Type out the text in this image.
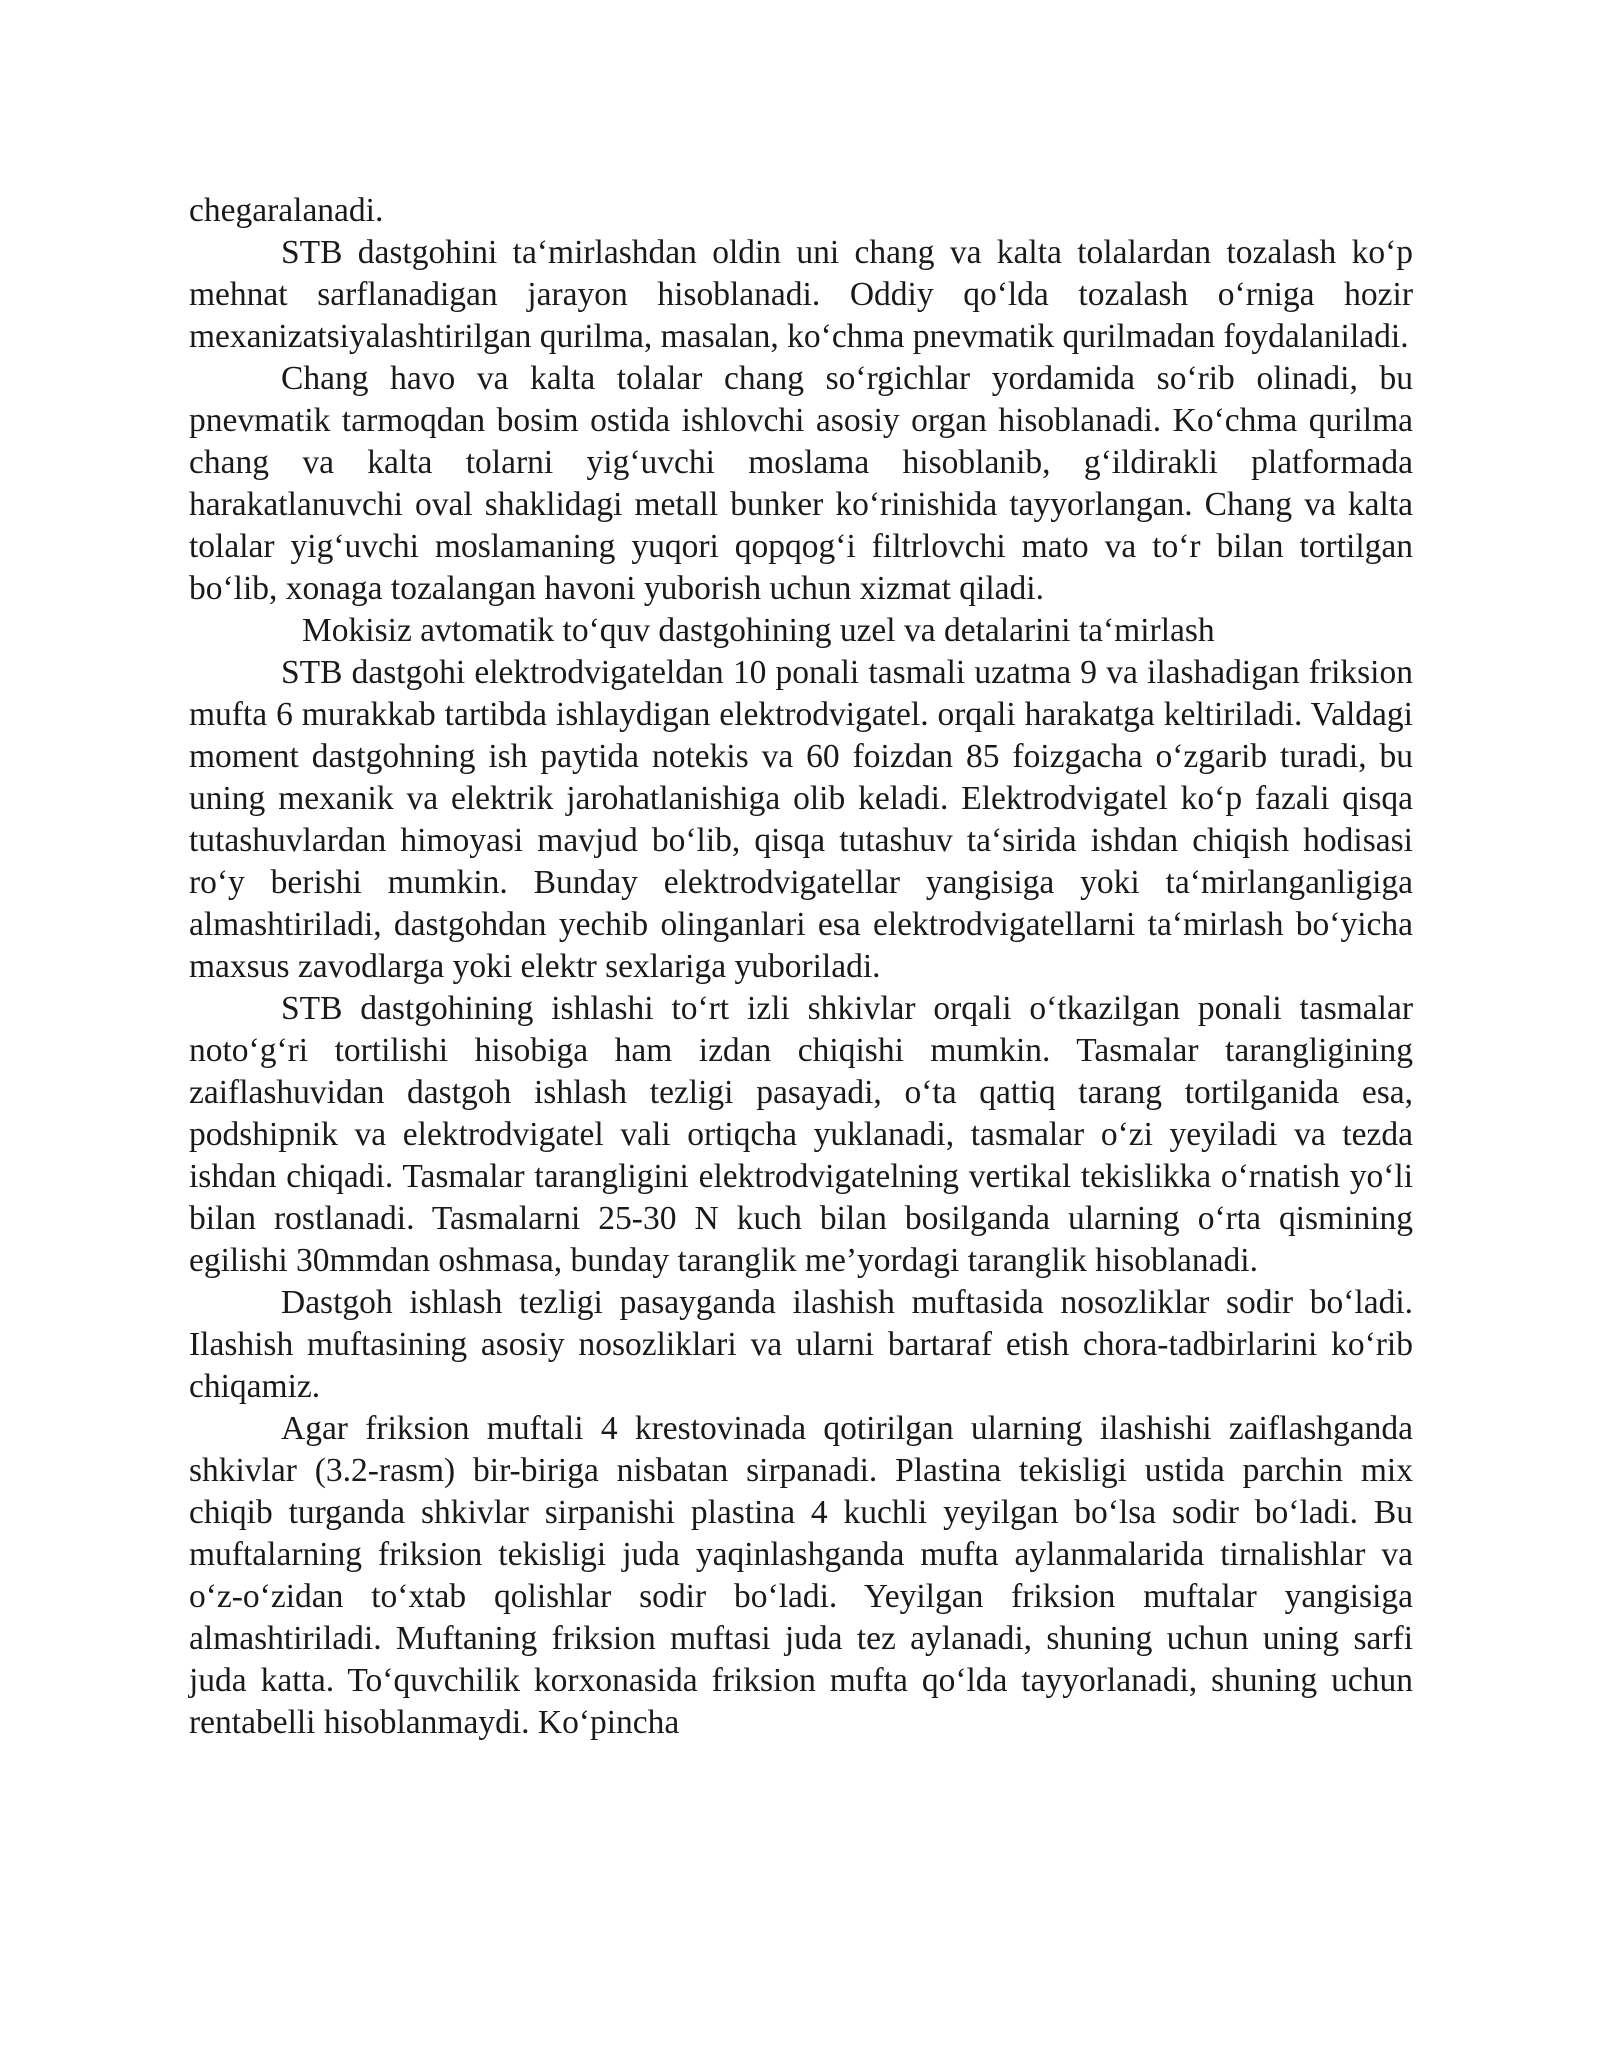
chegaralanadi.

STB dastgohini ta‘mirlashdan oldin uni chang va kalta tolalardan tozalash ko‘p mehnat sarflanadigan jarayon hisoblanadi. Oddiy qo‘lda tozalash o‘rniga hozir mexanizatsiyalashtirilgan qurilma, masalan, ko‘chma pnevmatik qurilmadan foydalaniladi.

Chang havo va kalta tolalar chang so‘rgichlar yordamida so‘rib olinadi, bu pnevmatik tarmoqdan bosim ostida ishlovchi asosiy organ hisoblanadi. Ko‘chma qurilma chang va kalta tolarni yig‘uvchi moslama hisoblanib, g‘ildirakli platformada harakatlanuvchi oval shaklidagi metall bunker ko‘rinishida tayyorlangan. Chang va kalta tolalar yig‘uvchi moslamaning yuqori qopqog‘i filtrlovchi mato va to‘r bilan tortilgan bo‘lib, xonaga tozalangan havoni yuborish uchun xizmat qiladi.

Mokisiz avtomatik to‘quv dastgohining uzel va detalarini ta‘mirlash

STB dastgohi elektrodvigateldan 10 ponali tasmali uzatma 9 va ilashadigan friksion mufta 6 murakkab tartibda ishlaydigan elektrodvigatel. orqali harakatga keltiriladi. Valdagi moment dastgohning ish paytida notekis va 60 foizdan 85 foizgacha o‘zgarib turadi, bu uning mexanik va elektrik jarohatlanishiga olib keladi. Elektrodvigatel ko‘p fazali qisqa tutashuvlardan himoyasi mavjud bo‘lib, qisqa tutashuv ta‘sirida ishdan chiqish hodisasi ro‘y berishi mumkin. Bunday elektrodvigatellar yangisiga yoki ta‘mirlanganligiga almashtiriladi, dastgohdan yechib olinganlari esa elektrodvigatellarni ta‘mirlash bo‘yicha maxsus zavodlarga yoki elektr sexlariga yuboriladi.

STB dastgohining ishlashi to‘rt izli shkivlar orqali o‘tkazilgan ponali tasmalar noto‘g‘ri tortilishi hisobiga ham izdan chiqishi mumkin. Tasmalar tarangligining zaiflashuvidan dastgoh ishlash tezligi pasayadi, o‘ta qattiq tarang tortilganida esa, podshipnik va elektrodvigatel vali ortiqcha yuklanadi, tasmalar o‘zi yeyiladi va tezda ishdan chiqadi. Tasmalar tarangligini elektrodvigatelning vertikal tekislikka o‘rnatish yo‘li bilan rostlanadi. Tasmalarni 25-30 N kuch bilan bosilganda ularning o‘rta qismining egilishi 30mmdan oshmasa, bunday taranglik me’yordagi taranglik hisoblanadi.

Dastgoh ishlash tezligi pasayganda ilashish muftasida nosozliklar sodir bo‘ladi. Ilashish muftasining asosiy nosozliklari va ularni bartaraf etish chora-tadbirlarini ko‘rib chiqamiz.

Agar friksion muftali 4 krestovinada qotirilgan ularning ilashishi zaiflashganda shkivlar (3.2-rasm) bir-biriga nisbatan sirpanadi. Plastina tekisligi ustida parchin mix chiqib turganda shkivlar sirpanishi plastina 4 kuchli yeyilgan bo‘lsa sodir bo‘ladi. Bu muftalarning friksion tekisligi juda yaqinlashganda mufta aylanmalarida tirnalishlar va o‘z-o‘zidan to‘xtab qolishlar sodir bo‘ladi. Yeyilgan friksion muftalar yangisiga almashtiriladi. Muftaning friksion muftasi juda tez aylanadi, shuning uchun uning sarfi juda katta. To‘quvchilik korxonasida friksion mufta qo‘lda tayyorlanadi, shuning uchun rentabelli hisoblanmaydi. Ko‘pincha
